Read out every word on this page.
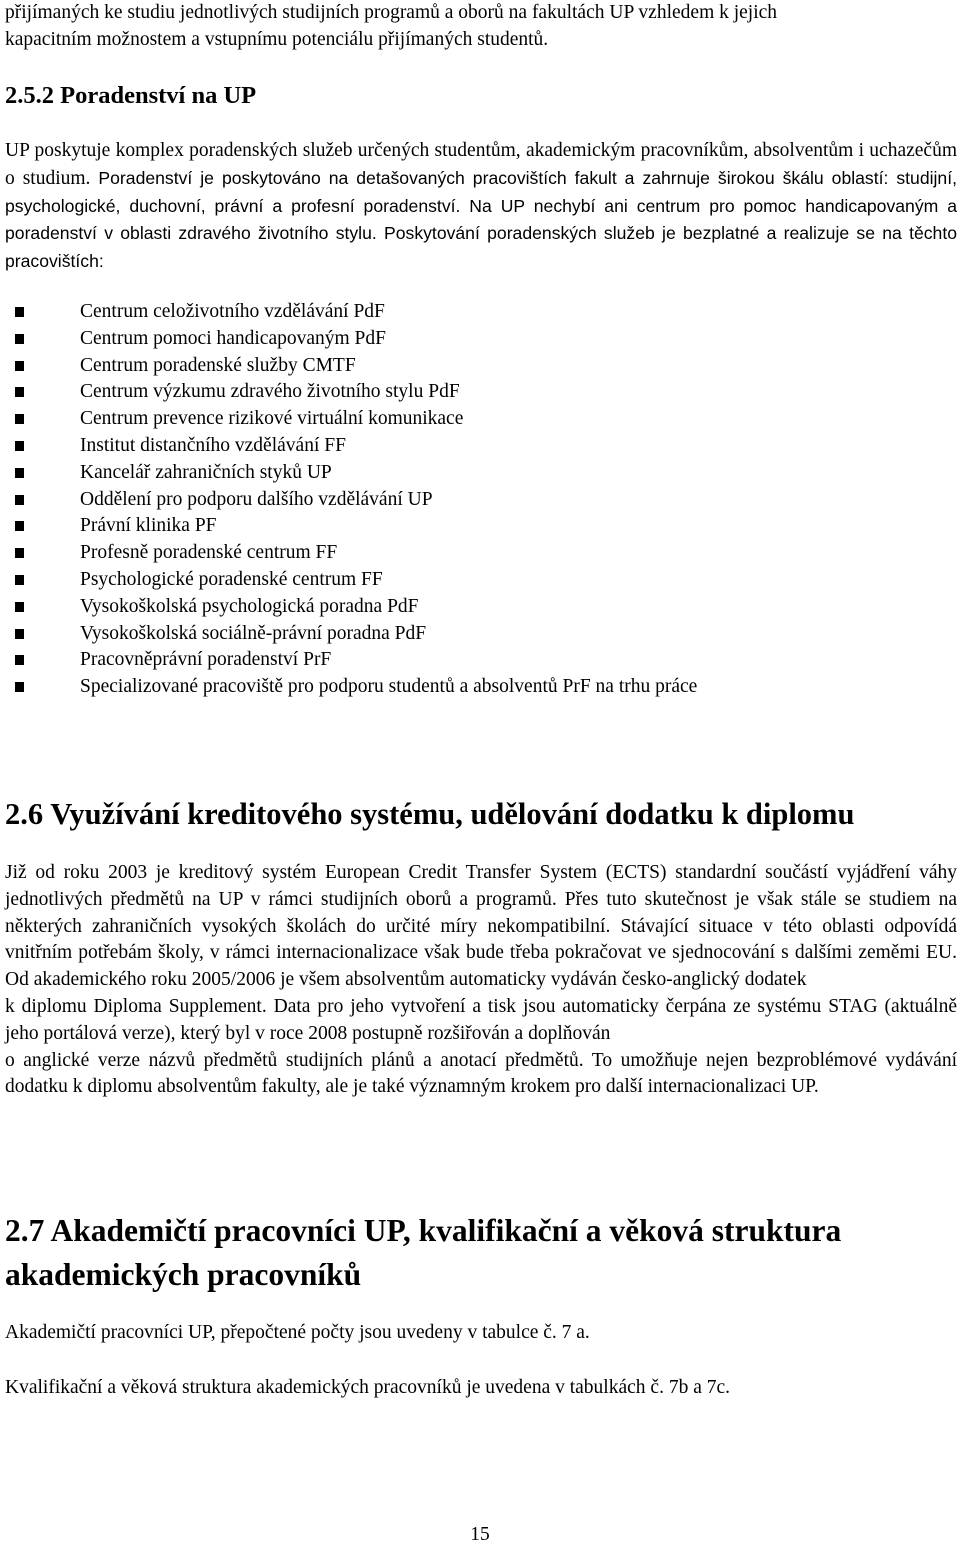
přijímaných ke studiu jednotlivých studijních programů a oborů na fakultách UP vzhledem k jejich

kapacitním možnostem a vstupnímu potenciálu přijímaných studentů.

2.5.2 Poradenství na UP

UP poskytuje komplex poradenských služeb určených studentům, akademickým pracovníkům, absolventům i uchazečům o studium. Poradenství je poskytováno na detašovaných pracovištích fakult a zahrnuje širokou škálu oblastí: studijní, psychologické, duchovní, právní a profesní poradenství. Na UP nechybí ani centrum pro pomoc handicapovaným a poradenství v oblasti zdravého životního stylu. Poskytování poradenských služeb je bezplatné a realizuje se na těchto pracovištích:

Centrum celoživotního vzdělávání PdF
Centrum pomoci handicapovaným PdF
Centrum poradenské služby CMTF
Centrum výzkumu zdravého životního stylu PdF
Centrum prevence rizikové virtuální komunikace
Institut distančního vzdělávání FF
Kancelář zahraničních styků UP
Oddělení pro podporu dalšího vzdělávání UP
Právní klinika PF
Profesně poradenské centrum FF
Psychologické poradenské centrum FF
Vysokoškolská psychologická poradna PdF
Vysokoškolská sociálně-právní poradna PdF
Pracovněprávní poradenství PrF
Specializované pracoviště pro podporu studentů a absolventů PrF na trhu práce
2.6 Využívání kreditového systému, udělování dodatku k diplomu

Již od roku 2003 je kreditový systém European Credit Transfer System (ECTS) standardní součástí vyjádření váhy jednotlivých předmětů na UP v rámci studijních oborů a programů. Přes tuto skutečnost je však stále se studiem na některých zahraničních vysokých školách do určité míry nekompatibilní. Stávající situace v této oblasti odpovídá vnitřním potřebám školy, v rámci internacionalizace však bude třeba pokračovat ve sjednocování s dalšími zeměmi EU. Od akademického roku 2005/2006 je všem absolventům automaticky vydáván česko-anglický dodatek

k diplomu Diploma Supplement. Data pro jeho vytvoření a tisk jsou automaticky čerpána ze systému STAG (aktuálně jeho portálová verze), který byl v roce 2008 postupně rozšiřován a doplňován

o anglické verze názvů předmětů studijních plánů a anotací předmětů. To umožňuje nejen bezproblémové vydávání dodatku k diplomu absolventům fakulty, ale je také významným krokem pro další internacionalizaci UP.

2.7 Akademičtí pracovníci UP, kvalifikační a věková struktura
akademických pracovníků

Akademičtí pracovníci UP, přepočtené počty jsou uvedeny v tabulce č. 7 a.

Kvalifikační a věková struktura akademických pracovníků je uvedena v tabulkách č. 7b a 7c.

15
